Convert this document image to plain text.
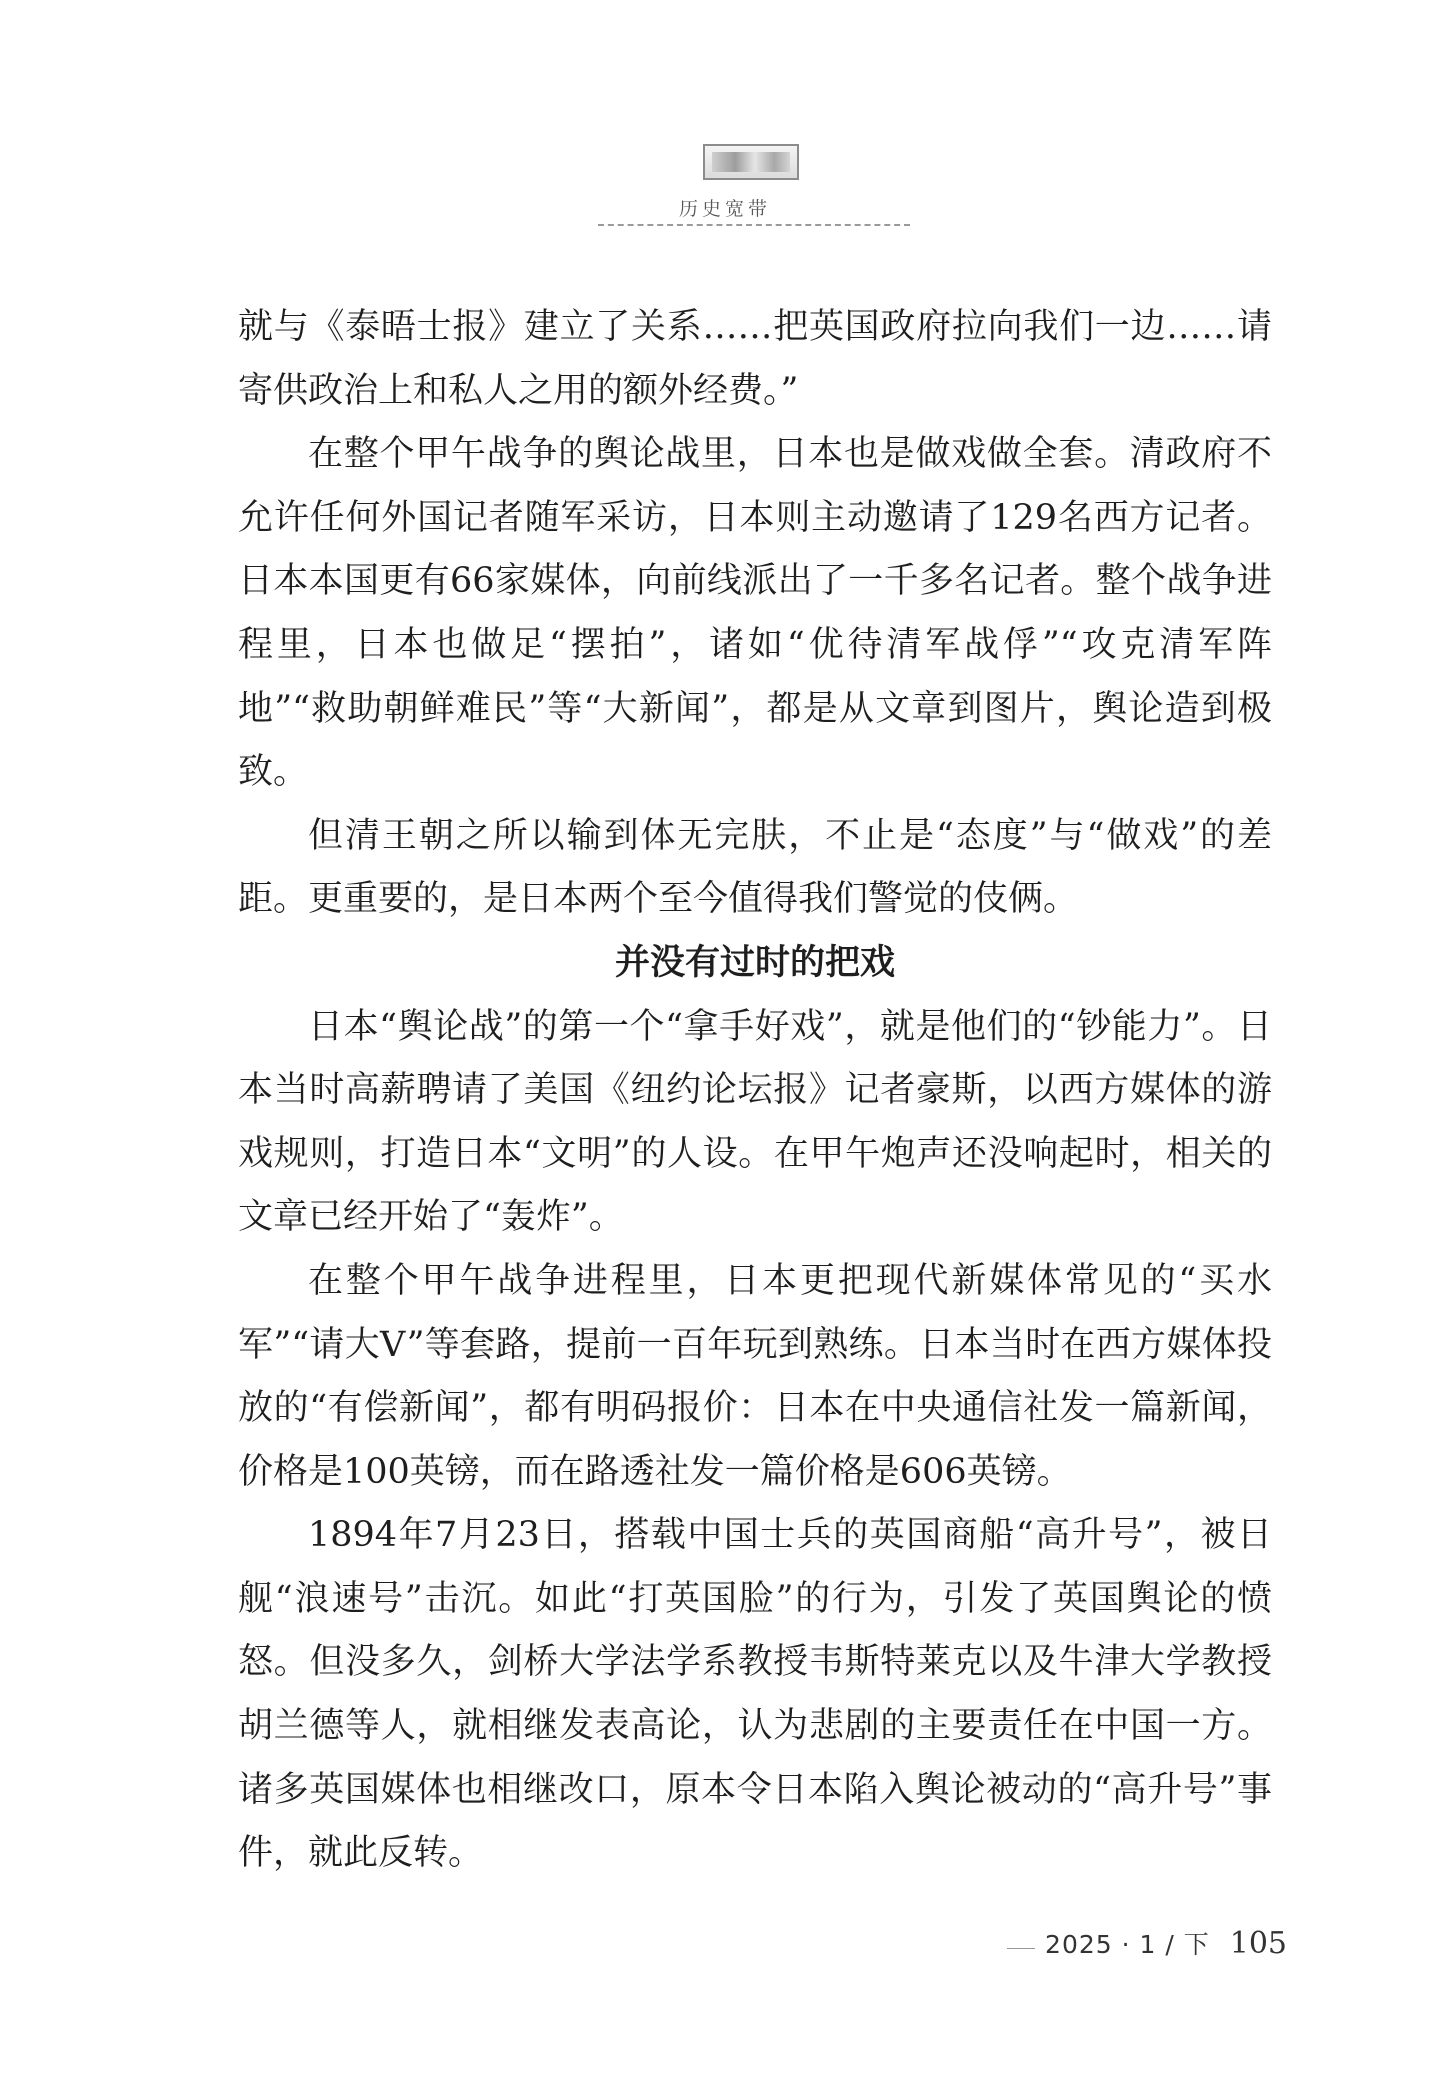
历史宽带

就与《泰晤士报》建立了关系……把英国政府拉向我们一边……请寄供政治上和私人之用的额外经费。”

在整个甲午战争的舆论战里，日本也是做戏做全套。清政府不允许任何外国记者随军采访，日本则主动邀请了129名西方记者。日本本国更有66家媒体，向前线派出了一千多名记者。整个战争进程里，日本也做足“摆拍”，诸如“优待清军战俘”“攻克清军阵地”“救助朝鲜难民”等“大新闻”，都是从文章到图片，舆论造到极致。

但清王朝之所以输到体无完肤，不止是“态度”与“做戏”的差距。更重要的，是日本两个至今值得我们警觉的伎俩。

并没有过时的把戏

日本“舆论战”的第一个“拿手好戏”，就是他们的“钞能力”。日本当时高薪聘请了美国《纽约论坛报》记者豪斯，以西方媒体的游戏规则，打造日本“文明”的人设。在甲午炮声还没响起时，相关的文章已经开始了“轰炸”。

在整个甲午战争进程里，日本更把现代新媒体常见的“买水军”“请大V”等套路，提前一百年玩到熟练。日本当时在西方媒体投放的“有偿新闻”，都有明码报价：日本在中央通信社发一篇新闻，价格是100英镑，而在路透社发一篇价格是606英镑。

1894年7月23日，搭载中国士兵的英国商船“高升号”，被日舰“浪速号”击沉。如此“打英国脸”的行为，引发了英国舆论的愤怒。但没多久，剑桥大学法学系教授韦斯特莱克以及牛津大学教授胡兰德等人，就相继发表高论，认为悲剧的主要责任在中国一方。诸多英国媒体也相继改口，原本令日本陷入舆论被动的“高升号”事件，就此反转。

2025 · 1 / 下 105
